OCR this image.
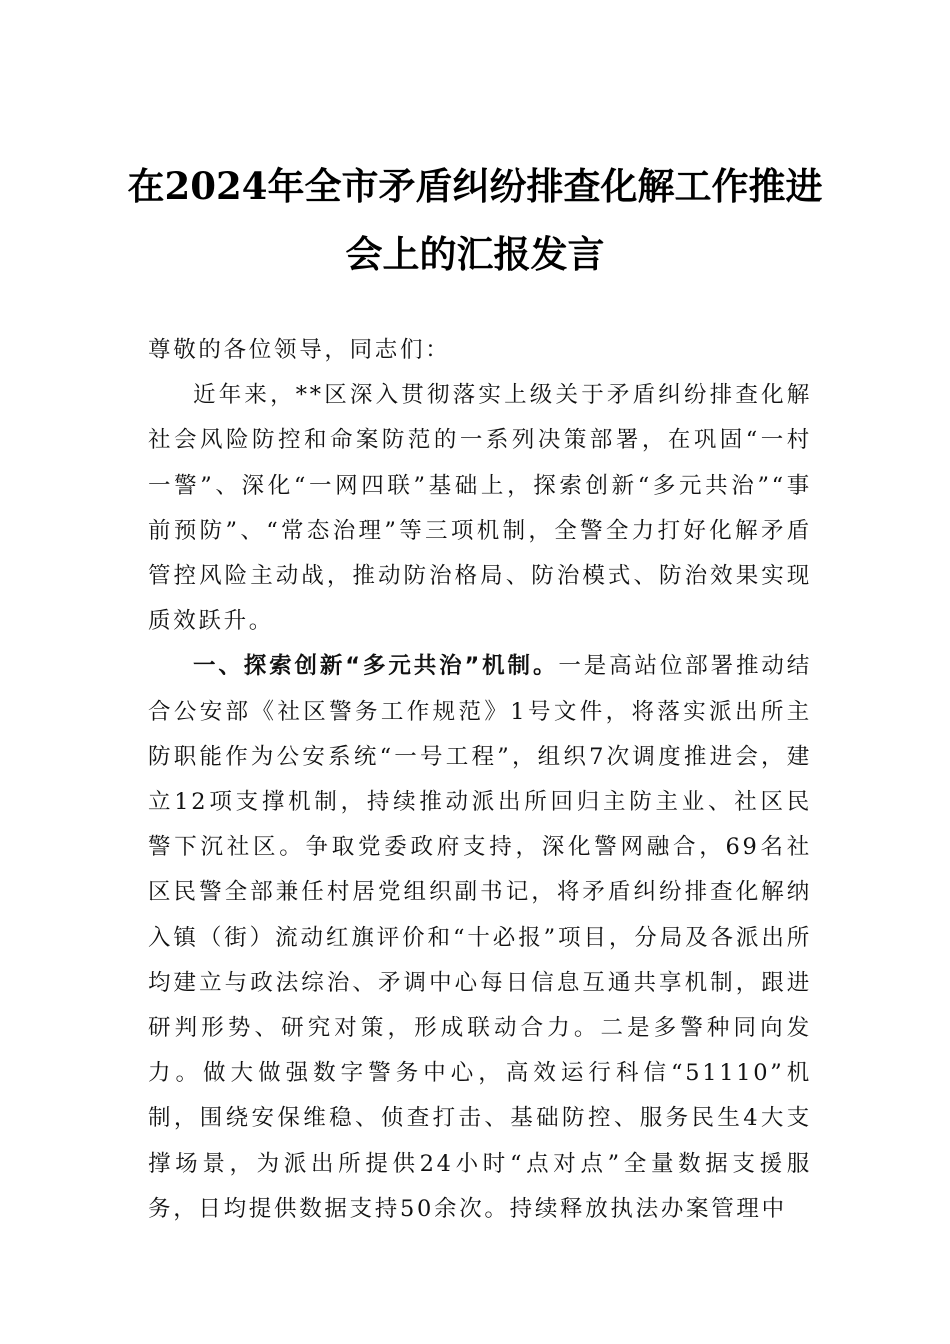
在2024年全市矛盾纠纷排查化解工作推进
会上的汇报发言

尊敬的各位领导，同志们：

近年来，**区深入贯彻落实上级关于矛盾纠纷排查化解社会风险防控和命案防范的一系列决策部署，在巩固“一村一警”、深化“一网四联”基础上，探索创新“多元共治”“事前预防”、“常态治理”等三项机制，全警全力打好化解矛盾管控风险主动战，推动防治格局、防治模式、防治效果实现质效跃升。

一、探索创新“多元共治”机制。一是高站位部署推动结合公安部《社区警务工作规范》1号文件，将落实派出所主防职能作为公安系统“一号工程”，组织7次调度推进会，建立12项支撑机制，持续推动派出所回归主防主业、社区民警下沉社区。争取党委政府支持，深化警网融合，69名社区民警全部兼任村居党组织副书记，将矛盾纠纷排查化解纳入镇（街）流动红旗评价和“十必报”项目，分局及各派出所均建立与政法综治、矛调中心每日信息互通共享机制，跟进研判形势、研究对策，形成联动合力。二是多警种同向发力。做大做强数字警务中心，高效运行科信“51110”机制，围绕安保维稳、侦查打击、基础防控、服务民生4大支撑场景，为派出所提供24小时“点对点”全量数据支援服务，日均提供数据支持50余次。持续释放执法办案管理中
